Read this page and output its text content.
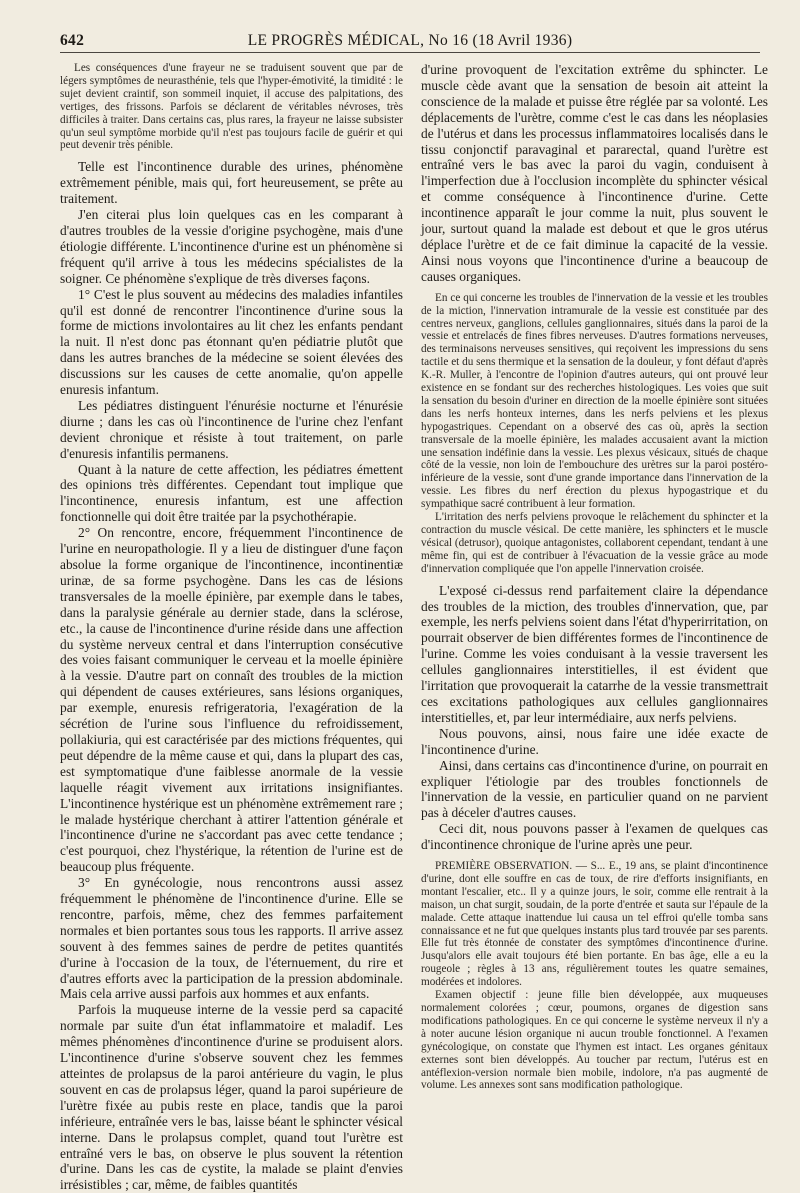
642	LE PROGRÈS MÉDICAL, No 16 (18 Avril 1936)

Les conséquences d'une frayeur ne se traduisent souvent que par de légers symptômes de neurasthénie, tels que l'hyper-émotivité, la timidité : le sujet devient craintif, son sommeil inquiet, il accuse des palpitations, des vertiges, des frissons. Parfois se déclarent de véritables névroses, très difficiles à traiter. Dans certains cas, plus rares, la frayeur ne laisse subsister qu'un seul symptôme morbide qu'il n'est pas toujours facile de guérir et qui peut devenir très pénible.

Telle est l'incontinence durable des urines, phénomène extrêmement pénible, mais qui, fort heureusement, se prête au traitement.

J'en citerai plus loin quelques cas en les comparant à d'autres troubles de la vessie d'origine psychogène, mais d'une étiologie différente. L'incontinence d'urine est un phénomène si fréquent qu'il arrive à tous les médecins spécialistes de la soigner. Ce phénomène s'explique de très diverses façons.

1° C'est le plus souvent au médecins des maladies infantiles qu'il est donné de rencontrer l'incontinence d'urine sous la forme de mictions involontaires au lit chez les enfants pendant la nuit. Il n'est donc pas étonnant qu'en pédiatrie plutôt que dans les autres branches de la médecine se soient élevées des discussions sur les causes de cette anomalie, qu'on appelle enuresis infantum.

Les pédiatres distinguent l'énurésie nocturne et l'énurésie diurne ; dans les cas où l'incontinence de l'urine chez l'enfant devient chronique et résiste à tout traitement, on parle d'enuresis infantilis permanens.

Quant à la nature de cette affection, les pédiatres émettent des opinions très différentes. Cependant tout implique que l'incontinence, enuresis infantum, est une affection fonctionnelle qui doit être traitée par la psychothérapie.

2° On rencontre, encore, fréquemment l'incontinence de l'urine en neuropathologie. Il y a lieu de distinguer d'une façon absolue la forme organique de l'incontinence, incontinentiæ urinæ, de sa forme psychogène. Dans les cas de lésions transversales de la moelle épinière, par exemple dans le tabes, dans la paralysie générale au dernier stade, dans la sclérose, etc., la cause de l'incontinence d'urine réside dans une affection du système nerveux central et dans l'interruption consécutive des voies faisant communiquer le cerveau et la moelle épinière à la vessie. D'autre part on connaît des troubles de la miction qui dépendent de causes extérieures, sans lésions organiques, par exemple, enuresis refrigeratoria, l'exagération de la sécrétion de l'urine sous l'influence du refroidissement, pollakiuria, qui est caractérisée par des mictions fréquentes, qui peut dépendre de la même cause et qui, dans la plupart des cas, est symptomatique d'une faiblesse anormale de la vessie laquelle réagit vivement aux irritations insignifiantes. L'incontinence hystérique est un phénomène extrêmement rare ; le malade hystérique cherchant à attirer l'attention générale et l'incontinence d'urine ne s'accordant pas avec cette tendance ; c'est pourquoi, chez l'hystérique, la rétention de l'urine est de beaucoup plus fréquente.

3° En gynécologie, nous rencontrons aussi assez fréquemment le phénomène de l'incontinence d'urine. Elle se rencontre, parfois, même, chez des femmes parfaitement normales et bien portantes sous tous les rapports. Il arrive assez souvent à des femmes saines de perdre de petites quantités d'urine à l'occasion de la toux, de l'éternuement, du rire et d'autres efforts avec la participation de la pression abdominale. Mais cela arrive aussi parfois aux hommes et aux enfants.

Parfois la muqueuse interne de la vessie perd sa capacité normale par suite d'un état inflammatoire et maladif. Les mêmes phénomènes d'incontinence d'urine se produisent alors. L'incontinence d'urine s'observe souvent chez les femmes atteintes de prolapsus de la paroi antérieure du vagin, le plus souvent en cas de prolapsus léger, quand la paroi supérieure de l'urètre fixée au pubis reste en place, tandis que la paroi inférieure, entraînée vers le bas, laisse béant le sphincter vésical interne. Dans le prolapsus complet, quand tout l'urètre est entraîné vers le bas, on observe le plus souvent la rétention d'urine. Dans les cas de cystite, la malade se plaint d'envies irrésistibles ; car, même, de faibles quantités

d'urine provoquent de l'excitation extrême du sphincter. Le muscle cède avant que la sensation de besoin ait atteint la conscience de la malade et puisse être réglée par sa volonté. Les déplacements de l'urètre, comme c'est le cas dans les néoplasies de l'utérus et dans les processus inflammatoires localisés dans le tissu conjonctif paravaginal et pararectal, quand l'urètre est entraîné vers le bas avec la paroi du vagin, conduisent à l'imperfection due à l'occlusion incomplète du sphincter vésical et comme conséquence à l'incontinence d'urine. Cette incontinence apparaît le jour comme la nuit, plus souvent le jour, surtout quand la malade est debout et que le gros utérus déplace l'urètre et de ce fait diminue la capacité de la vessie. Ainsi nous voyons que l'incontinence d'urine a beaucoup de causes organiques.

En ce qui concerne les troubles de l'innervation de la vessie et les troubles de la miction, l'innervation intramurale de la vessie est constituée par des centres nerveux, ganglions, cellules ganglionnaires, situés dans la paroi de la vessie et entrelacés de fines fibres nerveuses. D'autres formations nerveuses, des terminaisons nerveuses sensitives, qui reçoivent les impressions du sens tactile et du sens thermique et la sensation de la douleur, y font défaut d'après K.-R. Muller, à l'encontre de l'opinion d'autres auteurs, qui ont prouvé leur existence en se fondant sur des recherches histologiques. Les voies que suit la sensation du besoin d'uriner en direction de la moelle épinière sont situées dans les nerfs honteux internes, dans les nerfs pelviens et les plexus hypogastriques. Cependant on a observé des cas où, après la section transversale de la moelle épinière, les malades accusaient avant la miction une sensation indéfinie dans la vessie. Les plexus vésicaux, situés de chaque côté de la vessie, non loin de l'embouchure des urètres sur la paroi postéro-inférieure de la vessie, sont d'une grande importance dans l'innervation de la vessie. Les fibres du nerf érection du plexus hypogastrique et du sympathique sacré contribuent à leur formation.

L'irritation des nerfs pelviens provoque le relâchement du sphincter et la contraction du muscle vésical. De cette manière, les sphincters et le muscle vésical (detrusor), quoique antagonistes, collaborent cependant, tendant à une même fin, qui est de contribuer à l'évacuation de la vessie grâce au mode d'innervation compliquée que l'on appelle l'innervation croisée.

L'exposé ci-dessus rend parfaitement claire la dépendance des troubles de la miction, des troubles d'innervation, que, par exemple, les nerfs pelviens soient dans l'état d'hyperirritation, on pourrait observer de bien différentes formes de l'incontinence de l'urine. Comme les voies conduisant à la vessie traversent les cellules ganglionnaires interstitielles, il est évident que l'irritation que provoquerait la catarrhe de la vessie transmettrait ces excitations pathologiques aux cellules ganglionnaires interstitielles, et, par leur intermédiaire, aux nerfs pelviens.

Nous pouvons, ainsi, nous faire une idée exacte de l'incontinence d'urine.

Ainsi, dans certains cas d'incontinence d'urine, on pourrait en expliquer l'étiologie par des troubles fonctionnels de l'innervation de la vessie, en particulier quand on ne parvient pas à déceler d'autres causes.

Ceci dit, nous pouvons passer à l'examen de quelques cas d'incontinence chronique de l'urine après une peur.

PREMIÈRE OBSERVATION. — S... E., 19 ans, se plaint d'incontinence d'urine, dont elle souffre en cas de toux, de rire d'efforts insignifiants, en montant l'escalier, etc.. Il y a quinze jours, le soir, comme elle rentrait à la maison, un chat surgit, soudain, de la porte d'entrée et sauta sur l'épaule de la malade. Cette attaque inattendue lui causa un tel effroi qu'elle tomba sans connaissance et ne fut que quelques instants plus tard trouvée par ses parents. Elle fut très étonnée de constater des symptômes d'incontinence d'urine. Jusqu'alors elle avait toujours été bien portante. En bas âge, elle a eu la rougeole ; règles à 13 ans, régulièrement toutes les quatre semaines, modérées et indolores.

Examen objectif : jeune fille bien développée, aux muqueuses normalement colorées ; cœur, poumons, organes de digestion sans modifications pathologiques. En ce qui concerne le système nerveux il n'y a à noter aucune lésion organique ni aucun trouble fonctionnel. A l'examen gynécologique, on constate que l'hymen est intact. Les organes génitaux externes sont bien développés. Au toucher par rectum, l'utérus est en antéflexion-version normale bien mobile, indolore, n'a pas augmenté de volume. Les annexes sont sans modification pathologique.
